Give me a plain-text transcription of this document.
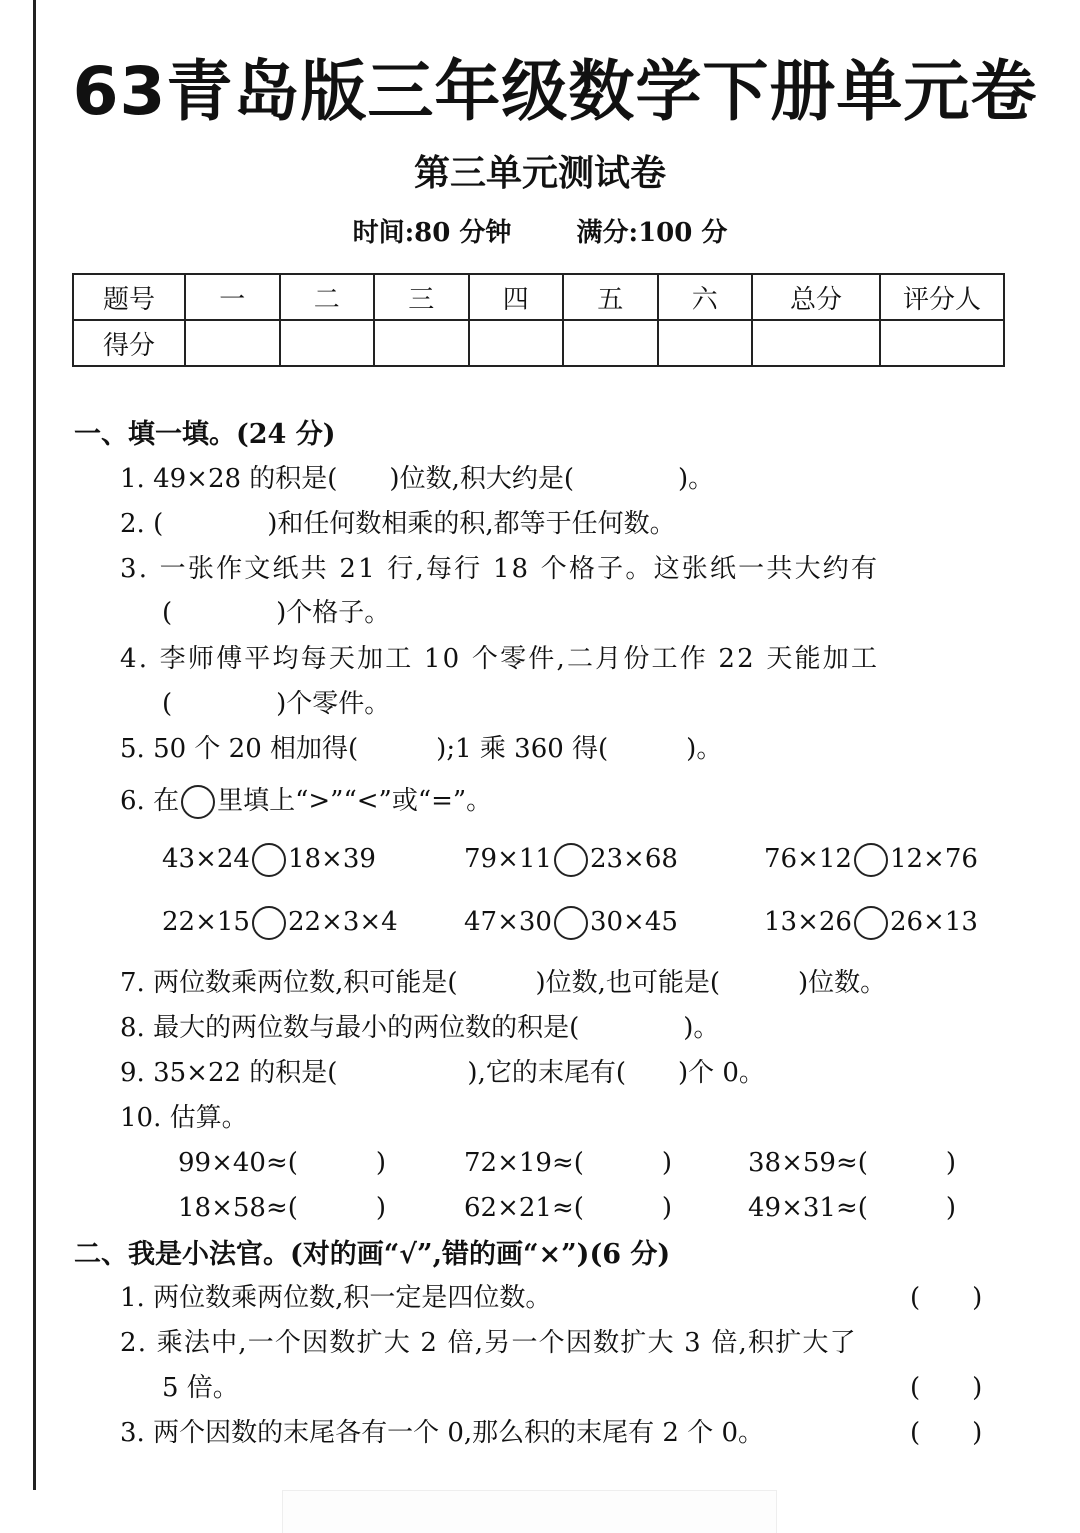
63青岛版三年级数学下册单元卷
第三单元测试卷
时间:80 分钟	满分:100 分
题号	一	二	三	四	五	六	总分	评分人
得分								
一、填一填。(24 分)
1. 49×28 的积是(　　)位数,积大约是(　　　　)。
2. (　　　　)和任何数相乘的积,都等于任何数。
3. 一张作文纸共 21 行,每行 18 个格子。这张纸一共大约有
(　　　　)个格子。
4. 李师傅平均每天加工 10 个零件,二月份工作 22 天能加工
(　　　　)个零件。
5. 50 个 20 相加得(　　　);1 乘 360 得(　　　)。
6. 在 里填上“>”“<”或“=”。
43×24 18×39	79×11 23×68	76×12 12×76
22×15 22×3×4	47×30 30×45	13×26 26×13
7. 两位数乘两位数,积可能是(　　　)位数,也可能是(　　　)位数。
8. 最大的两位数与最小的两位数的积是(　　　　)。
9. 35×22 的积是(　　　　　),它的末尾有(　　)个 0。
10. 估算。
99×40≈(　　　)	72×19≈(　　　)	38×59≈(　　　)
18×58≈(　　　)	62×21≈(　　　)	49×31≈(　　　)
二、我是小法官。(对的画“√”,错的画“×”)(6 分)
1. 两位数乘两位数,积一定是四位数。	(　　)
2. 乘法中,一个因数扩大 2 倍,另一个因数扩大 3 倍,积扩大了
5 倍。	(　　)
3. 两个因数的末尾各有一个 0,那么积的末尾有 2 个 0。	(　　)
